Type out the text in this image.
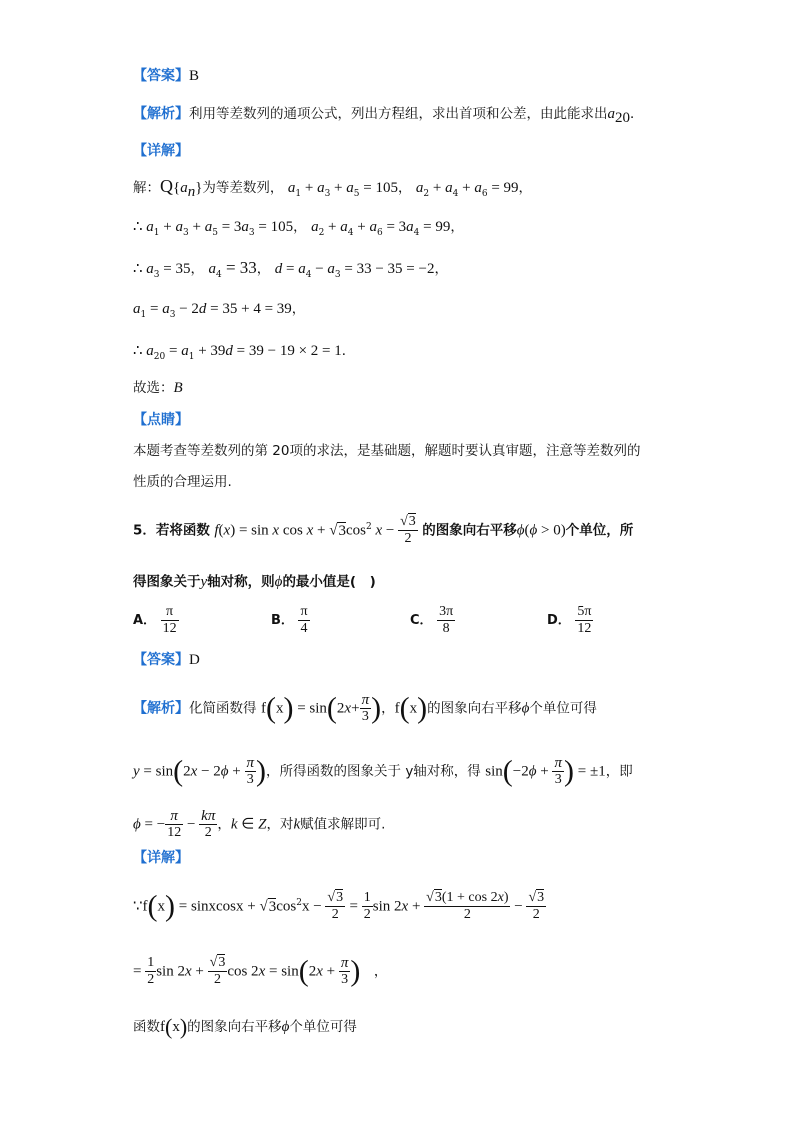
【答案】B
【解析】利用等差数列的通项公式，列出方程组，求出首项和公差，由此能求出$a_{20}$．
【详解】
解：$Q\{a_n\}$为等差数列， $a_1 + a_3 + a_5 = 105$， $a_2 + a_4 + a_6 = 99$，
∴ $a_1 + a_3 + a_5 = 3a_3 = 105$， $a_2 + a_4 + a_6 = 3a_4 = 99$，
∴ $a_3 = 35$， $a_4 = 33$， $d = a_4 - a_3 = 33 - 35 = -2$，
$a_1 = a_3 - 2d = 35 + 4 = 39$，
∴ $a_{20} = a_1 + 39d = 39 - 19 \times 2 = 1$．
故选：B
【点睛】
本题考查等差数列的第 20项的求法，是基础题，解题时要认真审题，注意等差数列的
性质的合理运用.
5．若将函数 f(x) = sin x $\cos x + √3\cos^2$ $x - \frac{√3}{2}$ 的图象向右平移ϕ(ϕ > 0)个单位，所
得图象关于y轴对称，则ϕ的最小值是(　)
A． $\frac{\pi}{12}$	B． $\frac{\pi}{4}$	C． $\frac{3\pi}{8}$	D． $\frac{5\pi}{12}$
【答案】D
【解析】化简函数得 $f(x) = \sin(2x+ \frac{\pi}{3}$ )，f(x)的图象向右平移ϕ个单位可得
$y = \sin(2x - 2\phi + \frac{\pi}{3}$ )，所得函数的图象关于 y轴对称，得 $\sin(-2\phi + \frac{\pi}{3}$ ) = ±1，即
ϕ = − $\frac{\pi}{12} - \frac{k\pi}{2}$ ，k ∈ Z，对k赋值求解即可.
【详解】
∵f(x) = sinxcosx + $√3\cos^2x - \frac{√3}{2} = \frac{1}{2}$ $\sin 2x + \frac{√3(1 + \cos 2x)}{2} - \frac{√3}{2}$
= $\frac{1}{2}$ $\sin 2x + \frac{√3}{2}$ $\cos 2x = \sin(2x + \frac{\pi}{3}$ )　，
函数f(x)的图象向右平移ϕ个单位可得
